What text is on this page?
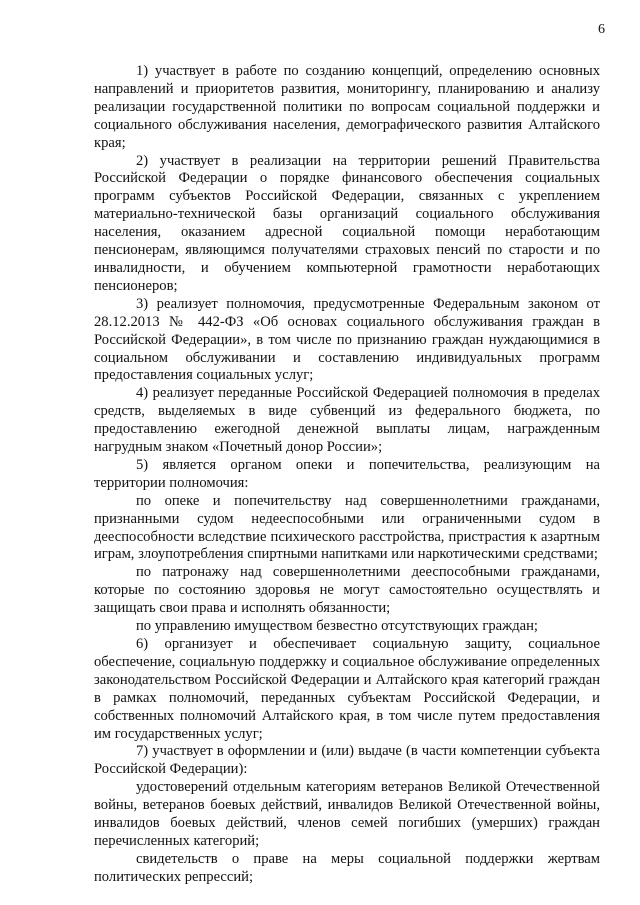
6

1) участвует в работе по созданию концепций, определению основных направлений и приоритетов развития, мониторингу, планированию и анализу реализации государственной политики по вопросам социальной поддержки и социального обслуживания населения, демографического развития Алтайского края;

2) участвует в реализации на территории решений Правительства Российской Федерации о порядке финансового обеспечения социальных программ субъектов Российской Федерации, связанных с укреплением материально-технической базы организаций социального обслуживания населения, оказанием адресной социальной помощи неработающим пенсионерам, являющимся получателями страховых пенсий по старости и по инвалидности, и обучением компьютерной грамотности неработающих пенсионеров;

3) реализует полномочия, предусмотренные Федеральным законом от 28.12.2013 № 442-ФЗ «Об основах социального обслуживания граждан в Российской Федерации», в том числе по признанию граждан нуждающимися в социальном обслуживании и составлению индивидуальных программ предоставления социальных услуг;

4) реализует переданные Российской Федерацией полномочия в пределах средств, выделяемых в виде субвенций из федерального бюджета, по предоставлению ежегодной денежной выплаты лицам, награжденным нагрудным знаком «Почетный донор России»;

5) является органом опеки и попечительства, реализующим на территории полномочия:

по опеке и попечительству над совершеннолетними гражданами, признанными судом недееспособными или ограниченными судом в дееспособности вследствие психического расстройства, пристрастия к азартным играм, злоупотребления спиртными напитками или наркотическими средствами;

по патронажу над совершеннолетними дееспособными гражданами, которые по состоянию здоровья не могут самостоятельно осуществлять и защищать свои права и исполнять обязанности;

по управлению имуществом безвестно отсутствующих граждан;

6) организует и обеспечивает социальную защиту, социальное обеспечение, социальную поддержку и социальное обслуживание определенных законодательством Российской Федерации и Алтайского края категорий граждан в рамках полномочий, переданных субъектам Российской Федерации, и собственных полномочий Алтайского края, в том числе путем предоставления им государственных услуг;

7) участвует в оформлении и (или) выдаче (в части компетенции субъекта Российской Федерации):

удостоверений отдельным категориям ветеранов Великой Отечественной войны, ветеранов боевых действий, инвалидов Великой Отечественной войны, инвалидов боевых действий, членов семей погибших (умерших) граждан перечисленных категорий;

свидетельств о праве на меры социальной поддержки жертвам политических репрессий;
